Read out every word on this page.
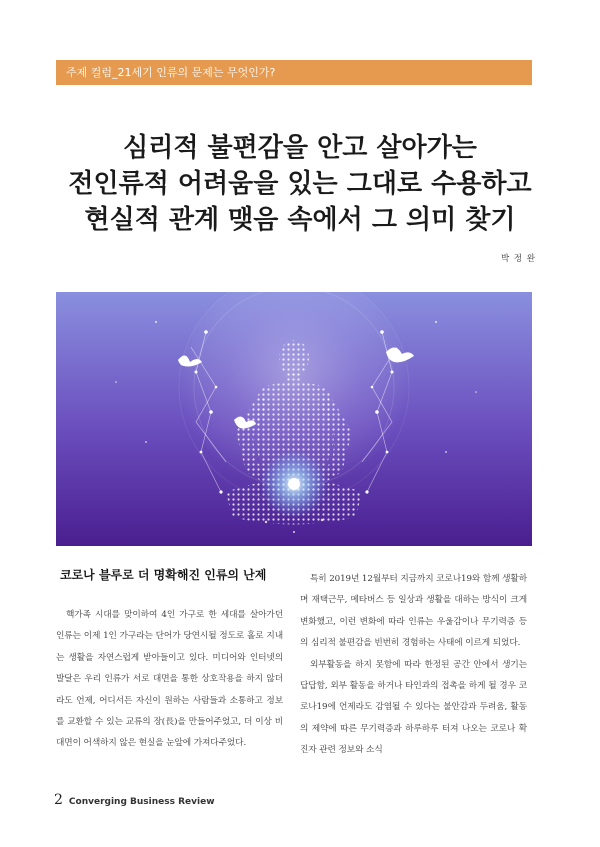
주제 컬럼_21세기 인류의 문제는 무엇인가?
심리적 불편감을 안고 살아가는
전인류적 어려움을 있는 그대로 수용하고
현실적 관계 맺음 속에서 그 의미 찾기
박 정 완
코로나 블루로 더 명확해진 인류의 난제

핵가족 시대를 맞이하여 4인 가구로 한 세대를 살아가던 인류는 이제 1인 가구라는 단어가 당연시될 정도로 홀로 지내는 생활을 자연스럽게 받아들이고 있다. 미디어와 인터넷의 발달은 우리 인류가 서로 대면을 통한 상호작용을 하지 않더라도 언제, 어디서든 자신이 원하는 사람들과 소통하고 정보를 교환할 수 있는 교류의 장(長)을 만들어주었고, 더 이상 비대면이 어색하지 않은 현실을 눈앞에 가져다주었다.

특히 2019년 12월부터 지금까지 코로나19와 함께 생활하며 재택근무, 메타버스 등 일상과 생활을 대하는 방식이 크게 변화했고, 이런 변화에 따라 인류는 우울감이나 무기력증 등의 심리적 불편감을 빈번히 경험하는 사태에 이르게 되었다.

외부활동을 하지 못함에 따라 한정된 공간 안에서 생기는 답답함, 외부 활동을 하거나 타인과의 접촉을 하게 될 경우 코로나19에 언제라도 감염될 수 있다는 불안감과 두려움, 활동의 제약에 따른 무기력증과 하루하루 터져 나오는 코로나 확진자 관련 정보와 소식

2 Converging Business Review
